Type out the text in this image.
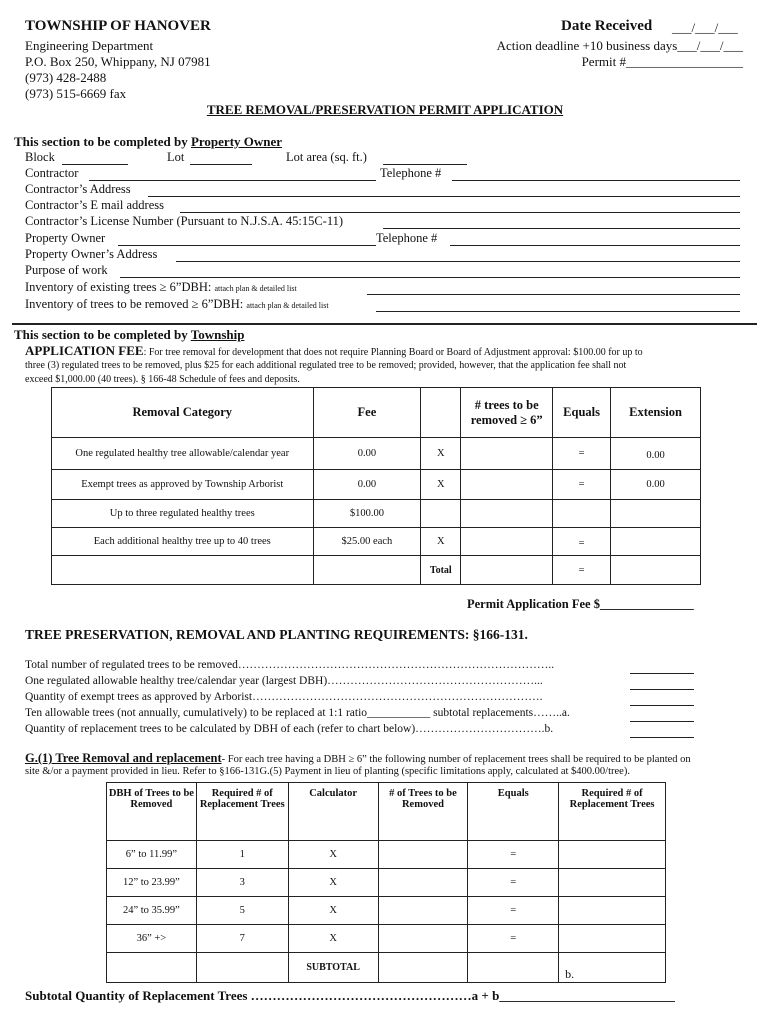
TOWNSHIP OF HANOVER
Engineering Department
P.O. Box 250, Whippany, NJ 07981
(973) 428-2488
(973) 515-6669 fax
Date Received ___/___/___
Action deadline +10 business days___/___/___
Permit #__________________
TREE REMOVAL/PRESERVATION PERMIT APPLICATION
This section to be completed by Property Owner
Block	Lot	Lot area (sq. ft.)
Contractor	Telephone #
Contractor’s Address
Contractor’s E mail address
Contractor’s License Number (Pursuant to N.J.S.A. 45:15C-11)
Property Owner	Telephone #
Property Owner’s Address
Purpose of work
Inventory of existing trees ≥ 6”DBH: attach plan & detailed list
Inventory of trees to be removed ≥ 6”DBH: attach plan & detailed list
This section to be completed by Township
APPLICATION FEE: For tree removal for development that does not require Planning Board or Board of Adjustment approval: $100.00 for up to
three (3) regulated trees to be removed, plus $25 for each additional regulated tree to be removed; provided, however, that the application fee shall not
exceed $1,000.00 (40 trees). § 166-48 Schedule of fees and deposits.
Removal Category	Fee		# trees to be removed ≥ 6”	Equals	Extension
One regulated healthy tree allowable/calendar year	0.00	X		=	0.00
Exempt trees as approved by Township Arborist	0.00	X		=	0.00
Up to three regulated healthy trees	$100.00				
Each additional healthy tree up to 40 trees	$25.00 each	X		=	
		Total		=	
Permit Application Fee $_______________
TREE PRESERVATION, REMOVAL AND PLANTING REQUIREMENTS: §166-131.
Total number of regulated trees to be removed………………………………………………………………………..
One regulated allowable healthy tree/calendar year (largest DBH)………………………………………………...
Quantity of exempt trees as approved by Arborist………………………………………………………………….
Ten allowable trees (not annually, cumulatively) to be replaced at 1:1 ratio___________ subtotal replacements……..a.
Quantity of replacement trees to be calculated by DBH of each (refer to chart below)…………………………….b.
G.(1) Tree Removal and replacement- For each tree having a DBH ≥ 6” the following number of replacement trees shall be required to be planted on
site &/or a payment provided in lieu. Refer to §166-131G.(5) Payment in lieu of planting (specific limitations apply, calculated at $400.00/tree).
DBH of Trees to be Removed	Required # of Replacement Trees	Calculator	# of Trees to be Removed	Equals	Required # of Replacement Trees
6” to 11.99”	1	X		=	
12” to 23.99”	3	X		=	
24” to 35.99”	5	X		=	
36” +>	7	X		=	
		SUBTOTAL			b.
Subtotal Quantity of Replacement Trees ……………………………………………a + b___________________________
